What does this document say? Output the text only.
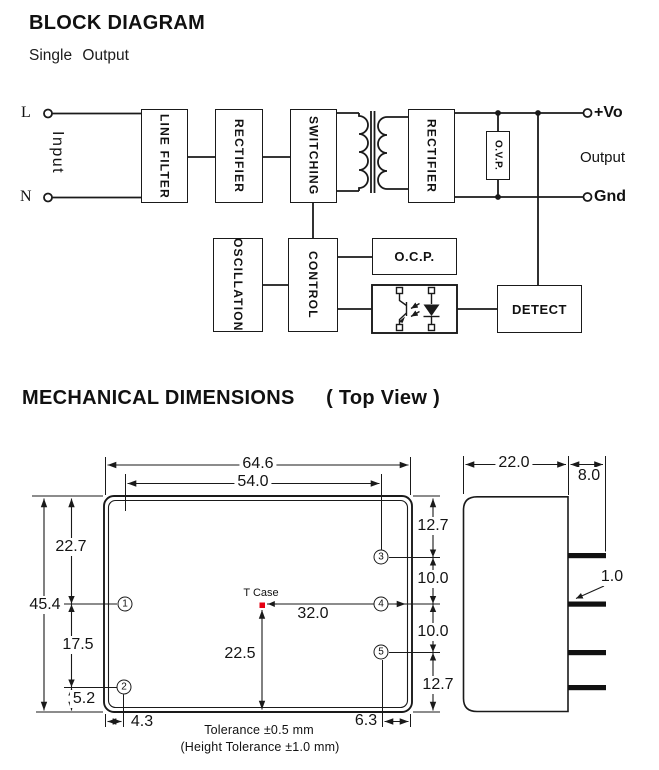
BLOCK DIAGRAM
Single Output
MECHANICAL DIMENSIONS ( Top View )
LINE FILTER	RECTIFIER	SWITCHING	RECTIFIER	O.V.P.
OSCILLATION	CONTROL	O.C.P.
DETECT
L
N
Input
+Vo
Output
Gnd
64.6
54.0
12.7
10.0
10.0
12.7
22.7
45.4
17.5
5.2
4.3	6.3
T Case
32.0
22.5
22.0
8.0
1.0
Tolerance ±0.5 mm
(Height Tolerance ±1.0 mm)
1
2
3
4
5
